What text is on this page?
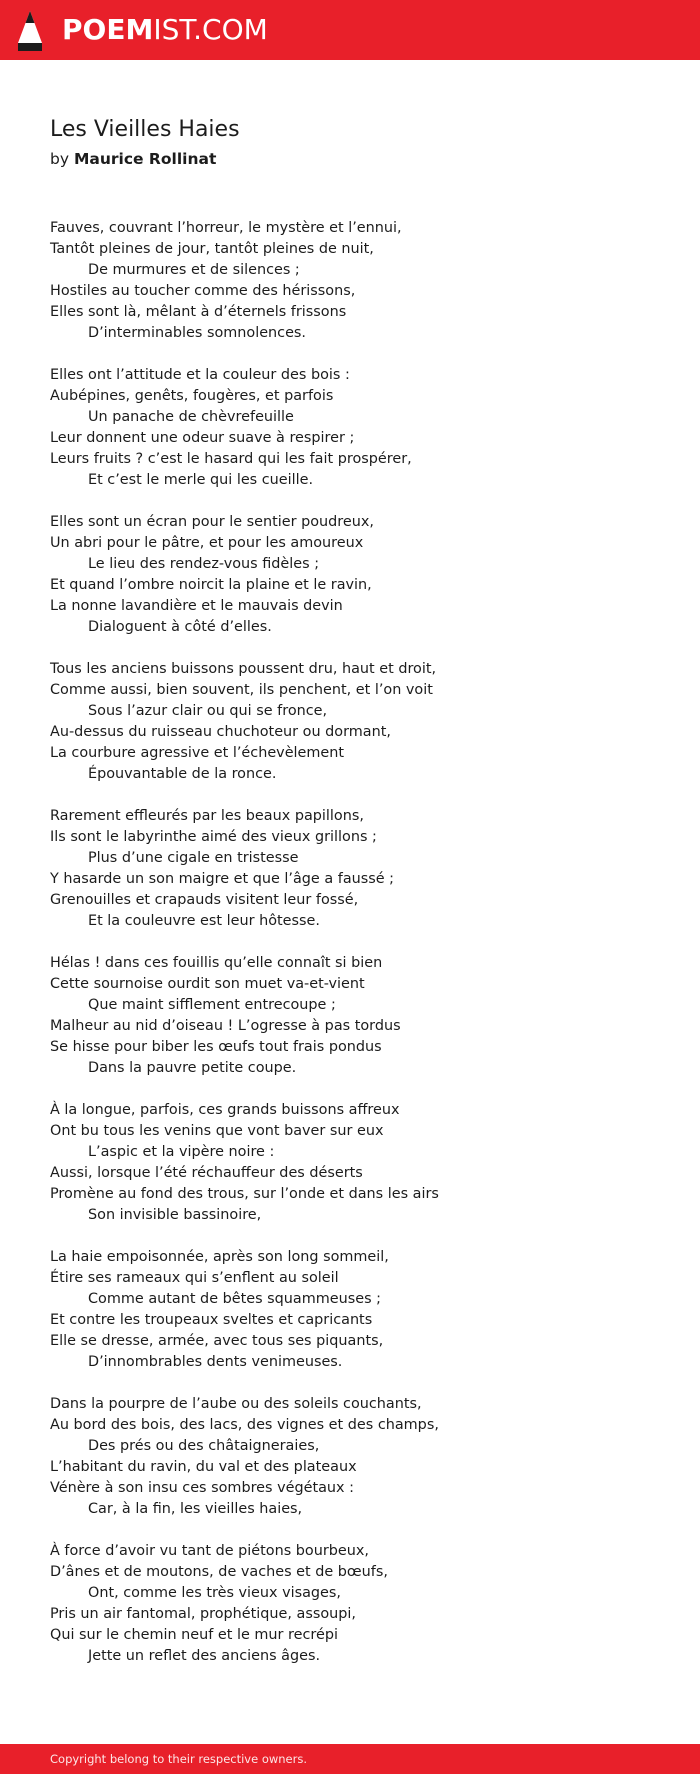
POEMIST.COM
Les Vieilles Haies
by Maurice Rollinat
Fauves, couvrant l’horreur, le mystère et l’ennui,
Tantôt pleines de jour, tantôt pleines de nuit,
De murmures et de silences ;
Hostiles au toucher comme des hérissons,
Elles sont là, mêlant à d’éternels frissons
D’interminables somnolences.
Elles ont l’attitude et la couleur des bois :
Aubépines, genêts, fougères, et parfois
Un panache de chèvrefeuille
Leur donnent une odeur suave à respirer ;
Leurs fruits ? c’est le hasard qui les fait prospérer,
Et c’est le merle qui les cueille.
Elles sont un écran pour le sentier poudreux,
Un abri pour le pâtre, et pour les amoureux
Le lieu des rendez-vous fidèles ;
Et quand l’ombre noircit la plaine et le ravin,
La nonne lavandière et le mauvais devin
Dialoguent à côté d’elles.
Tous les anciens buissons poussent dru, haut et droit,
Comme aussi, bien souvent, ils penchent, et l’on voit
Sous l’azur clair ou qui se fronce,
Au-dessus du ruisseau chuchoteur ou dormant,
La courbure agressive et l’échevèlement
Épouvantable de la ronce.
Rarement effleurés par les beaux papillons,
Ils sont le labyrinthe aimé des vieux grillons ;
Plus d’une cigale en tristesse
Y hasarde un son maigre et que l’âge a faussé ;
Grenouilles et crapauds visitent leur fossé,
Et la couleuvre est leur hôtesse.
Hélas ! dans ces fouillis qu’elle connaît si bien
Cette sournoise ourdit son muet va-et-vient
Que maint sifflement entrecoupe ;
Malheur au nid d’oiseau ! L’ogresse à pas tordus
Se hisse pour biber les œufs tout frais pondus
Dans la pauvre petite coupe.
À la longue, parfois, ces grands buissons affreux
Ont bu tous les venins que vont baver sur eux
L’aspic et la vipère noire :
Aussi, lorsque l’été réchauffeur des déserts
Promène au fond des trous, sur l’onde et dans les airs
Son invisible bassinoire,
La haie empoisonnée, après son long sommeil,
Étire ses rameaux qui s’enflent au soleil
Comme autant de bêtes squammeuses ;
Et contre les troupeaux sveltes et capricants
Elle se dresse, armée, avec tous ses piquants,
D’innombrables dents venimeuses.
Dans la pourpre de l’aube ou des soleils couchants,
Au bord des bois, des lacs, des vignes et des champs,
Des prés ou des châtaigneraies,
L’habitant du ravin, du val et des plateaux
Vénère à son insu ces sombres végétaux :
Car, à la fin, les vieilles haies,
À force d’avoir vu tant de piétons bourbeux,
D’ânes et de moutons, de vaches et de bœufs,
Ont, comme les très vieux visages,
Pris un air fantomal, prophétique, assoupi,
Qui sur le chemin neuf et le mur recrépi
Jette un reflet des anciens âges.
Copyright belong to their respective owners.
